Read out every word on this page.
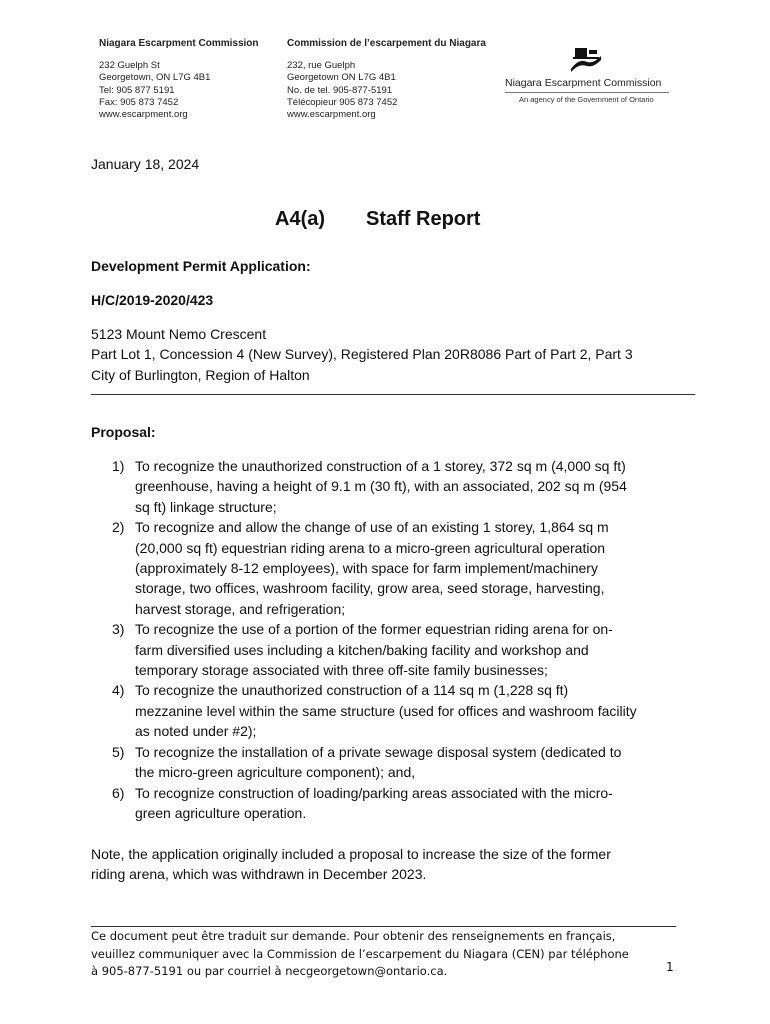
Niagara Escarpment Commission
232 Guelph St
Georgetown, ON L7G 4B1
Tel: 905 877 5191
Fax: 905 873 7452
www.escarpment.org
Commission de l’escarpement du Niagara
232, rue Guelph
Georgetown ON L7G 4B1
No. de tel. 905-877-5191
Télécopieur 905 873 7452
www.escarpment.org
Niagara Escarpment Commission
An agency of the Government of Ontario
January 18, 2024
A4(a) Staff Report
Development Permit Application:
H/C/2019-2020/423
5123 Mount Nemo Crescent
Part Lot 1, Concession 4 (New Survey), Registered Plan 20R8086 Part of Part 2, Part 3
City of Burlington, Region of Halton
Proposal:
1) To recognize the unauthorized construction of a 1 storey, 372 sq m (4,000 sq ft)
greenhouse, having a height of 9.1 m (30 ft), with an associated, 202 sq m (954
sq ft) linkage structure;
2) To recognize and allow the change of use of an existing 1 storey, 1,864 sq m
(20,000 sq ft) equestrian riding arena to a micro-green agricultural operation
(approximately 8-12 employees), with space for farm implement/machinery
storage, two offices, washroom facility, grow area, seed storage, harvesting,
harvest storage, and refrigeration;
3) To recognize the use of a portion of the former equestrian riding arena for on-
farm diversified uses including a kitchen/baking facility and workshop and
temporary storage associated with three off-site family businesses;
4) To recognize the unauthorized construction of a 114 sq m (1,228 sq ft)
mezzanine level within the same structure (used for offices and washroom facility
as noted under #2);
5) To recognize the installation of a private sewage disposal system (dedicated to
the micro-green agriculture component); and,
6) To recognize construction of loading/parking areas associated with the micro-
green agriculture operation.
Note, the application originally included a proposal to increase the size of the former
riding arena, which was withdrawn in December 2023.
Ce document peut être traduit sur demande. Pour obtenir des renseignements en français,
veuillez communiquer avec la Commission de l’escarpement du Niagara (CEN) par téléphone
à 905-877-5191 ou par courriel à necgeorgetown@ontario.ca.	1
